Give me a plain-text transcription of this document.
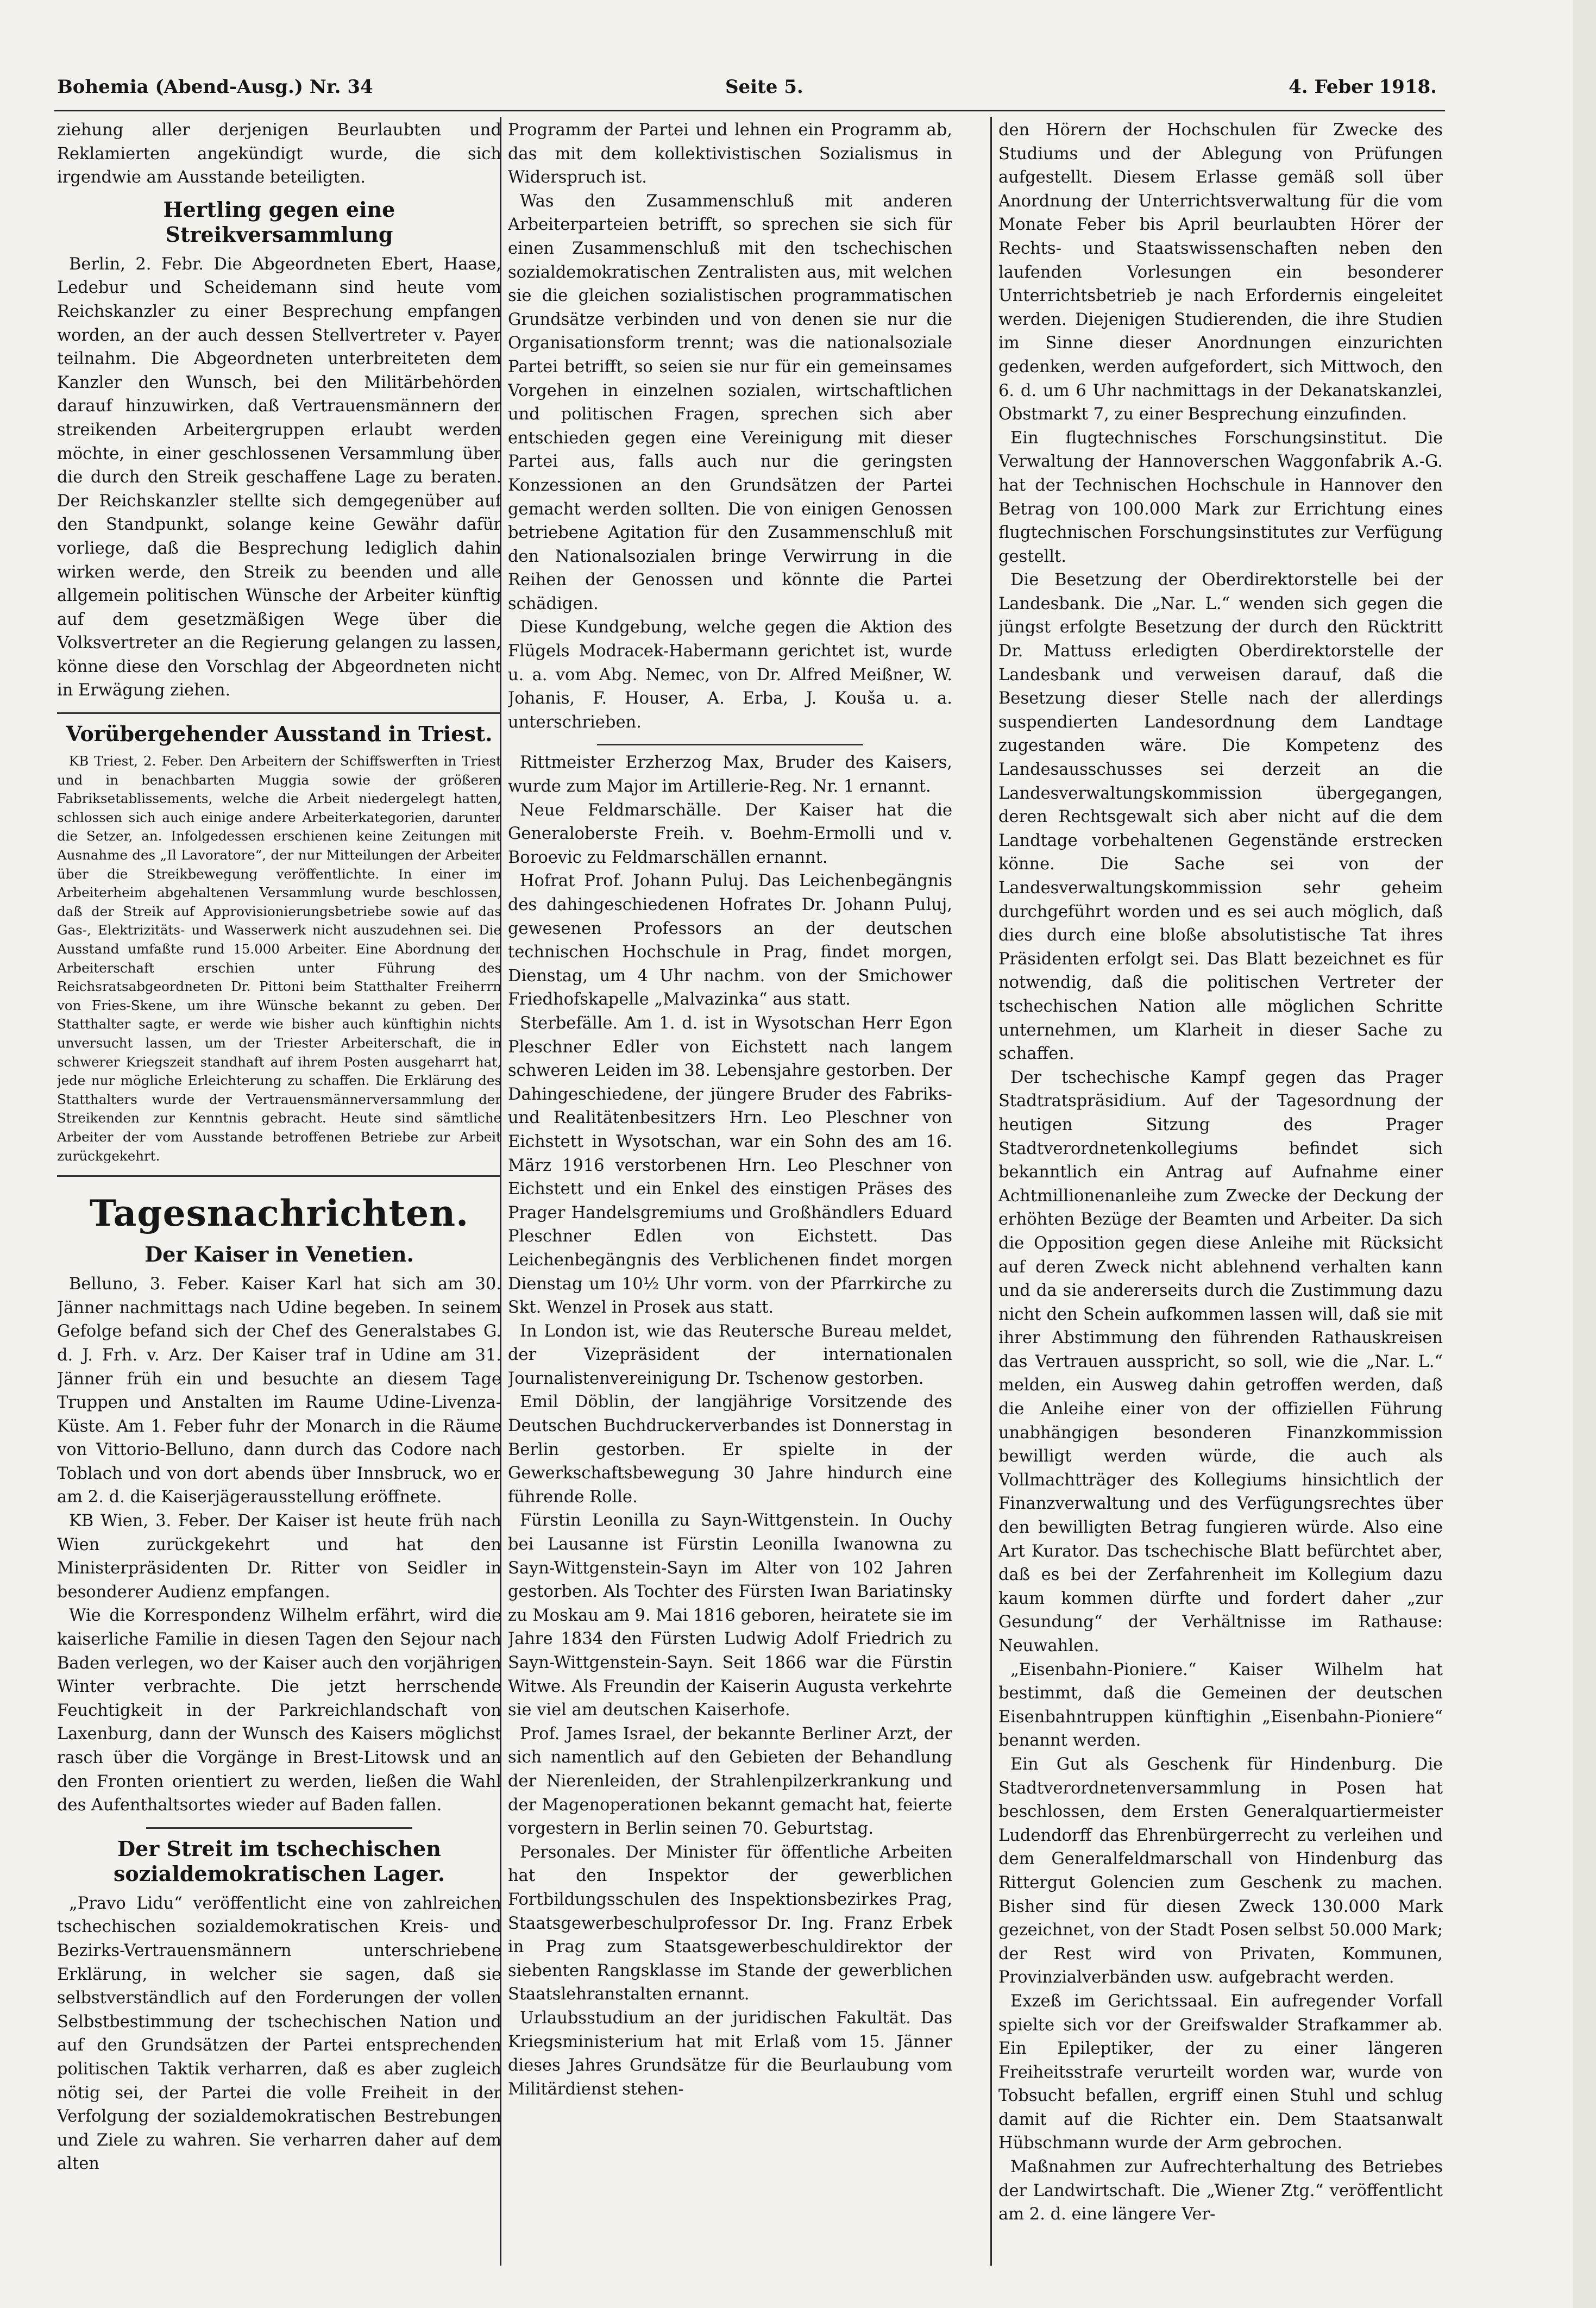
Bohemia (Abend-Ausg.) Nr. 34	Seite 5.	4. Feber 1918.

ziehung aller derjenigen Beurlaubten und Reklamierten angekündigt wurde, die sich irgendwie am Ausstande beteiligten.

Hertling gegen eine Streikversammlung

Berlin, 2. Febr. Die Abgeordneten Ebert, Haase, Ledebur und Scheidemann sind heute vom Reichskanzler zu einer Besprechung empfangen worden, an der auch dessen Stellvertreter v. Payer teilnahm. Die Abgeordneten unterbreiteten dem Kanzler den Wunsch, bei den Militärbehörden darauf hinzuwirken, daß Vertrauensmännern der streikenden Arbeitergruppen erlaubt werden möchte, in einer geschlossenen Versammlung über die durch den Streik geschaffene Lage zu beraten. Der Reichskanzler stellte sich demgegenüber auf den Standpunkt, solange keine Gewähr dafür vorliege, daß die Besprechung lediglich dahin wirken werde, den Streik zu beenden und alle allgemein politischen Wünsche der Arbeiter künftig auf dem gesetzmäßigen Wege über die Volksvertreter an die Regierung gelangen zu lassen, könne diese den Vorschlag der Abgeordneten nicht in Erwägung ziehen.

Vorübergehender Ausstand in Triest.

KB Triest, 2. Feber. Den Arbeitern der Schiffswerften in Triest und in benachbarten Muggia sowie der größeren Fabriksetablissements, welche die Arbeit niedergelegt hatten, schlossen sich auch einige andere Arbeiterkategorien, darunter die Setzer, an. Infolgedessen erschienen keine Zeitungen mit Ausnahme des „Il Lavoratore“, der nur Mitteilungen der Arbeiter über die Streikbewegung veröffentlichte. In einer im Arbeiterheim abgehaltenen Versammlung wurde beschlossen, daß der Streik auf Approvisionierungsbetriebe sowie auf das Gas-, Elektrizitäts- und Wasserwerk nicht auszudehnen sei. Die Ausstand umfaßte rund 15.000 Arbeiter. Eine Abordnung der Arbeiterschaft erschien unter Führung des Reichsratsabgeordneten Dr. Pittoni beim Statthalter Freiherrn von Fries-Skene, um ihre Wünsche bekannt zu geben. Der Statthalter sagte, er werde wie bisher auch künftighin nichts unversucht lassen, um der Triester Arbeiterschaft, die in schwerer Kriegszeit standhaft auf ihrem Posten ausgeharrt hat, jede nur mögliche Erleichterung zu schaffen. Die Erklärung des Statthalters wurde der Vertrauensmännerversammlung der Streikenden zur Kenntnis gebracht. Heute sind sämtliche Arbeiter der vom Ausstande betroffenen Betriebe zur Arbeit zurückgekehrt.

Tagesnachrichten.
Der Kaiser in Venetien.

Belluno, 3. Feber. Kaiser Karl hat sich am 30. Jänner nachmittags nach Udine begeben. In seinem Gefolge befand sich der Chef des Generalstabes G. d. J. Frh. v. Arz. Der Kaiser traf in Udine am 31. Jänner früh ein und besuchte an diesem Tage Truppen und Anstalten im Raume Udine-Livenza-Küste. Am 1. Feber fuhr der Monarch in die Räume von Vittorio-Belluno, dann durch das Codore nach Toblach und von dort abends über Innsbruck, wo er am 2. d. die Kaiserjägerausstellung eröffnete.

KB Wien, 3. Feber. Der Kaiser ist heute früh nach Wien zurückgekehrt und hat den Ministerpräsidenten Dr. Ritter von Seidler in besonderer Audienz empfangen.

Wie die Korrespondenz Wilhelm erfährt, wird die kaiserliche Familie in diesen Tagen den Sejour nach Baden verlegen, wo der Kaiser auch den vorjährigen Winter verbrachte. Die jetzt herrschende Feuchtigkeit in der Parkreichlandschaft von Laxenburg, dann der Wunsch des Kaisers möglichst rasch über die Vorgänge in Brest-Litowsk und an den Fronten orientiert zu werden, ließen die Wahl des Aufenthaltsortes wieder auf Baden fallen.

Der Streit im tschechischen sozialdemokratischen Lager.

„Pravo Lidu“ veröffentlicht eine von zahlreichen tschechischen sozialdemokratischen Kreis- und Bezirks-Vertrauensmännern unterschriebene Erklärung, in welcher sie sagen, daß sie selbstverständlich auf den Forderungen der vollen Selbstbestimmung der tschechischen Nation und auf den Grundsätzen der Partei entsprechenden politischen Taktik verharren, daß es aber zugleich nötig sei, der Partei die volle Freiheit in der Verfolgung der sozialdemokratischen Bestrebungen und Ziele zu wahren. Sie verharren daher auf dem alten

Programm der Partei und lehnen ein Programm ab, das mit dem kollektivistischen Sozialismus in Widerspruch ist.

Was den Zusammenschluß mit anderen Arbeiterparteien betrifft, so sprechen sie sich für einen Zusammenschluß mit den tschechischen sozialdemokratischen Zentralisten aus, mit welchen sie die gleichen sozialistischen programmatischen Grundsätze verbinden und von denen sie nur die Organisationsform trennt; was die nationalsoziale Partei betrifft, so seien sie nur für ein gemeinsames Vorgehen in einzelnen sozialen, wirtschaftlichen und politischen Fragen, sprechen sich aber entschieden gegen eine Vereinigung mit dieser Partei aus, falls auch nur die geringsten Konzessionen an den Grundsätzen der Partei gemacht werden sollten. Die von einigen Genossen betriebene Agitation für den Zusammenschluß mit den Nationalsozialen bringe Verwirrung in die Reihen der Genossen und könnte die Partei schädigen.

Diese Kundgebung, welche gegen die Aktion des Flügels Modracek-Habermann gerichtet ist, wurde u. a. vom Abg. Nemec, von Dr. Alfred Meißner, W. Johanis, F. Houser, A. Erba, J. Kouša u. a. unterschrieben.

Rittmeister Erzherzog Max, Bruder des Kaisers, wurde zum Major im Artillerie-Reg. Nr. 1 ernannt.

Neue Feldmarschälle. Der Kaiser hat die Generaloberste Freih. v. Boehm-Ermolli und v. Boroevic zu Feldmarschällen ernannt.

Hofrat Prof. Johann Puluj. Das Leichenbegängnis des dahingeschiedenen Hofrates Dr. Johann Puluj, gewesenen Professors an der deutschen technischen Hochschule in Prag, findet morgen, Dienstag, um 4 Uhr nachm. von der Smichower Friedhofskapelle „Malvazinka“ aus statt.

Sterbefälle. Am 1. d. ist in Wysotschan Herr Egon Pleschner Edler von Eichstett nach langem schweren Leiden im 38. Lebensjahre gestorben. Der Dahingeschiedene, der jüngere Bruder des Fabriks- und Realitätenbesitzers Hrn. Leo Pleschner von Eichstett in Wysotschan, war ein Sohn des am 16. März 1916 verstorbenen Hrn. Leo Pleschner von Eichstett und ein Enkel des einstigen Präses des Prager Handelsgremiums und Großhändlers Eduard Pleschner Edlen von Eichstett. Das Leichenbegängnis des Verblichenen findet morgen Dienstag um 10½ Uhr vorm. von der Pfarrkirche zu Skt. Wenzel in Prosek aus statt.

In London ist, wie das Reutersche Bureau meldet, der Vizepräsident der internationalen Journalistenvereinigung Dr. Tschenow gestorben.

Emil Döblin, der langjährige Vorsitzende des Deutschen Buchdruckerverbandes ist Donnerstag in Berlin gestorben. Er spielte in der Gewerkschaftsbewegung 30 Jahre hindurch eine führende Rolle.

Fürstin Leonilla zu Sayn-Wittgenstein. In Ouchy bei Lausanne ist Fürstin Leonilla Iwanowna zu Sayn-Wittgenstein-Sayn im Alter von 102 Jahren gestorben. Als Tochter des Fürsten Iwan Bariatinsky zu Moskau am 9. Mai 1816 geboren, heiratete sie im Jahre 1834 den Fürsten Ludwig Adolf Friedrich zu Sayn-Wittgenstein-Sayn. Seit 1866 war die Fürstin Witwe. Als Freundin der Kaiserin Augusta verkehrte sie viel am deutschen Kaiserhofe.

Prof. James Israel, der bekannte Berliner Arzt, der sich namentlich auf den Gebieten der Behandlung der Nierenleiden, der Strahlenpilzerkrankung und der Magenoperationen bekannt gemacht hat, feierte vorgestern in Berlin seinen 70. Geburtstag.

Personales. Der Minister für öffentliche Arbeiten hat den Inspektor der gewerblichen Fortbildungsschulen des Inspektionsbezirkes Prag, Staatsgewerbeschulprofessor Dr. Ing. Franz Erbek in Prag zum Staatsgewerbeschuldirektor der siebenten Rangsklasse im Stande der gewerblichen Staatslehranstalten ernannt.

Urlaubsstudium an der juridischen Fakultät. Das Kriegsministerium hat mit Erlaß vom 15. Jänner dieses Jahres Grundsätze für die Beurlaubung vom Militärdienst stehen-

den Hörern der Hochschulen für Zwecke des Studiums und der Ablegung von Prüfungen aufgestellt. Diesem Erlasse gemäß soll über Anordnung der Unterrichtsverwaltung für die vom Monate Feber bis April beurlaubten Hörer der Rechts- und Staatswissenschaften neben den laufenden Vorlesungen ein besonderer Unterrichtsbetrieb je nach Erfordernis eingeleitet werden. Diejenigen Studierenden, die ihre Studien im Sinne dieser Anordnungen einzurichten gedenken, werden aufgefordert, sich Mittwoch, den 6. d. um 6 Uhr nachmittags in der Dekanatskanzlei, Obstmarkt 7, zu einer Besprechung einzufinden.

Ein flugtechnisches Forschungsinstitut. Die Verwaltung der Hannoverschen Waggonfabrik A.-G. hat der Technischen Hochschule in Hannover den Betrag von 100.000 Mark zur Errichtung eines flugtechnischen Forschungsinstitutes zur Verfügung gestellt.

Die Besetzung der Oberdirektorstelle bei der Landesbank. Die „Nar. L.“ wenden sich gegen die jüngst erfolgte Besetzung der durch den Rücktritt Dr. Mattuss erledigten Oberdirektorstelle der Landesbank und verweisen darauf, daß die Besetzung dieser Stelle nach der allerdings suspendierten Landesordnung dem Landtage zugestanden wäre. Die Kompetenz des Landesausschusses sei derzeit an die Landesverwaltungskommission übergegangen, deren Rechtsgewalt sich aber nicht auf die dem Landtage vorbehaltenen Gegenstände erstrecken könne. Die Sache sei von der Landesverwaltungskommission sehr geheim durchgeführt worden und es sei auch möglich, daß dies durch eine bloße absolutistische Tat ihres Präsidenten erfolgt sei. Das Blatt bezeichnet es für notwendig, daß die politischen Vertreter der tschechischen Nation alle möglichen Schritte unternehmen, um Klarheit in dieser Sache zu schaffen.

Der tschechische Kampf gegen das Prager Stadtratspräsidium. Auf der Tagesordnung der heutigen Sitzung des Prager Stadtverordnetenkollegiums befindet sich bekanntlich ein Antrag auf Aufnahme einer Achtmillionenanleihe zum Zwecke der Deckung der erhöhten Bezüge der Beamten und Arbeiter. Da sich die Opposition gegen diese Anleihe mit Rücksicht auf deren Zweck nicht ablehnend verhalten kann und da sie andererseits durch die Zustimmung dazu nicht den Schein aufkommen lassen will, daß sie mit ihrer Abstimmung den führenden Rathauskreisen das Vertrauen ausspricht, so soll, wie die „Nar. L.“ melden, ein Ausweg dahin getroffen werden, daß die Anleihe einer von der offiziellen Führung unabhängigen besonderen Finanzkommission bewilligt werden würde, die auch als Vollmachtträger des Kollegiums hinsichtlich der Finanzverwaltung und des Verfügungsrechtes über den bewilligten Betrag fungieren würde. Also eine Art Kurator. Das tschechische Blatt befürchtet aber, daß es bei der Zerfahrenheit im Kollegium dazu kaum kommen dürfte und fordert daher „zur Gesundung“ der Verhältnisse im Rathause: Neuwahlen.

„Eisenbahn-Pioniere.“ Kaiser Wilhelm hat bestimmt, daß die Gemeinen der deutschen Eisenbahntruppen künftighin „Eisenbahn-Pioniere“ benannt werden.

Ein Gut als Geschenk für Hindenburg. Die Stadtverordnetenversammlung in Posen hat beschlossen, dem Ersten Generalquartiermeister Ludendorff das Ehrenbürgerrecht zu verleihen und dem Generalfeldmarschall von Hindenburg das Rittergut Golencien zum Geschenk zu machen. Bisher sind für diesen Zweck 130.000 Mark gezeichnet, von der Stadt Posen selbst 50.000 Mark; der Rest wird von Privaten, Kommunen, Provinzialverbänden usw. aufgebracht werden.

Exzeß im Gerichtssaal. Ein aufregender Vorfall spielte sich vor der Greifswalder Strafkammer ab. Ein Epileptiker, der zu einer längeren Freiheitsstrafe verurteilt worden war, wurde von Tobsucht befallen, ergriff einen Stuhl und schlug damit auf die Richter ein. Dem Staatsanwalt Hübschmann wurde der Arm gebrochen.

Maßnahmen zur Aufrechterhaltung des Betriebes der Landwirtschaft. Die „Wiener Ztg.“ veröffentlicht am 2. d. eine längere Ver-
